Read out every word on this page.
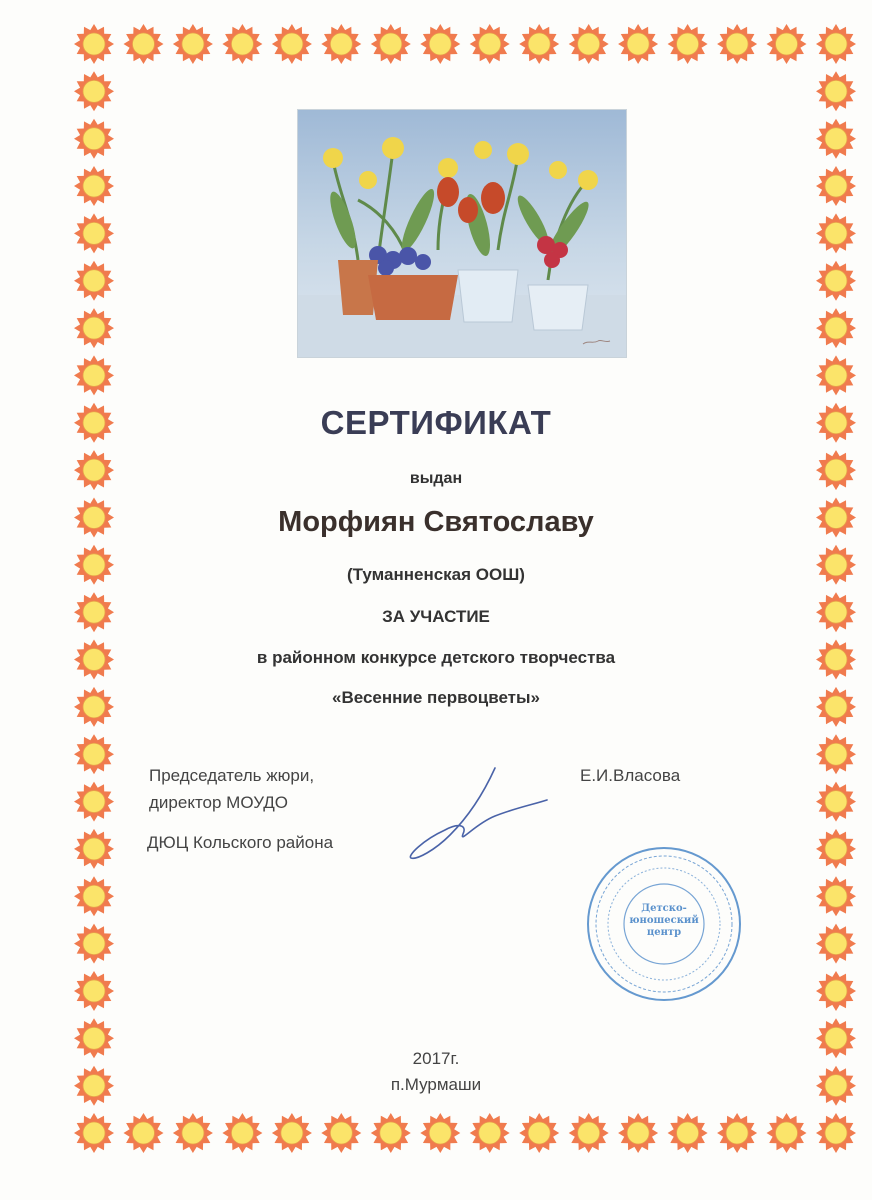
СЕРТИФИКАТ
выдан
Морфиян Святославу
(Туманненская ООШ)
ЗА УЧАСТИЕ
в районном конкурсе детского творчества
«Весенние первоцветы»
Председатель жюри,
директор МОУДО
ДЮЦ Кольского района
Е.И.Власова
Детско-юношеский центр
2017г.
п.Мурмаши
